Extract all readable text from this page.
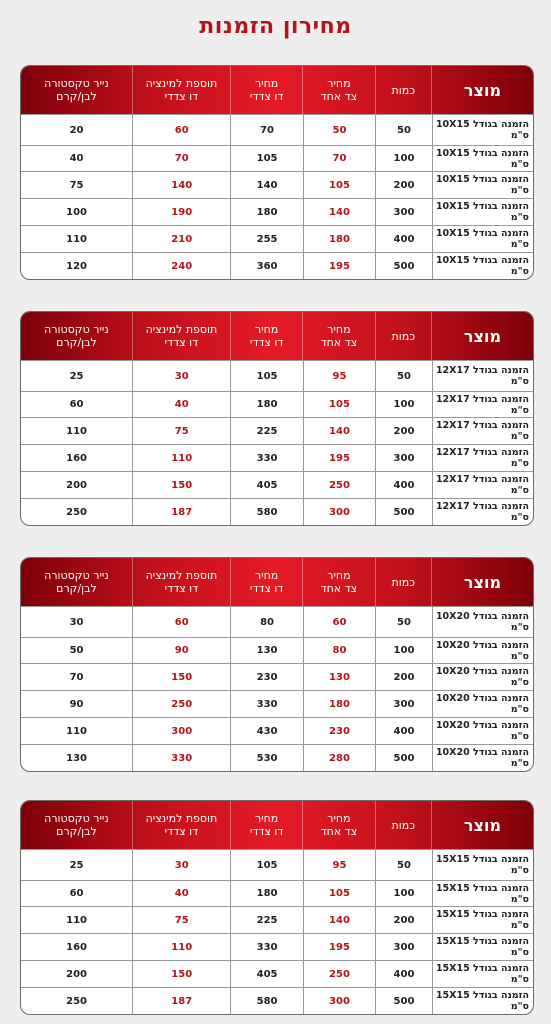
מחירון הזמנות
מוצר
כמות
מחיר
צד אחד
מחיר
דו צדדי
תוספת למינציה
דו צדדי
נייר טקסטורה
לבן/קרם
הזמנה בגודל 10X15 ס"מ
50
50
70
60
20
הזמנה בגודל 10X15 ס"מ
100
70
105
70
40
הזמנה בגודל 10X15 ס"מ
200
105
140
140
75
הזמנה בגודל 10X15 ס"מ
300
140
180
190
100
הזמנה בגודל 10X15 ס"מ
400
180
255
210
110
הזמנה בגודל 10X15 ס"מ
500
195
360
240
120
מוצר
כמות
מחיר
צד אחד
מחיר
דו צדדי
תוספת למינציה
דו צדדי
נייר טקסטורה
לבן/קרם
הזמנה בגודל 12X17 ס"מ
50
95
105
30
25
הזמנה בגודל 12X17 ס"מ
100
105
180
40
60
הזמנה בגודל 12X17 ס"מ
200
140
225
75
110
הזמנה בגודל 12X17 ס"מ
300
195
330
110
160
הזמנה בגודל 12X17 ס"מ
400
250
405
150
200
הזמנה בגודל 12X17 ס"מ
500
300
580
187
250
מוצר
כמות
מחיר
צד אחד
מחיר
דו צדדי
תוספת למינציה
דו צדדי
נייר טקסטורה
לבן/קרם
הזמנה בגודל 10X20 ס"מ
50
60
80
60
30
הזמנה בגודל 10X20 ס"מ
100
80
130
90
50
הזמנה בגודל 10X20 ס"מ
200
130
230
150
70
הזמנה בגודל 10X20 ס"מ
300
180
330
250
90
הזמנה בגודל 10X20 ס"מ
400
230
430
300
110
הזמנה בגודל 10X20 ס"מ
500
280
530
330
130
מוצר
כמות
מחיר
צד אחד
מחיר
דו צדדי
תוספת למינציה
דו צדדי
נייר טקסטורה
לבן/קרם
הזמנה בגודל 15X15 ס"מ
50
95
105
30
25
הזמנה בגודל 15X15 ס"מ
100
105
180
40
60
הזמנה בגודל 15X15 ס"מ
200
140
225
75
110
הזמנה בגודל 15X15 ס"מ
300
195
330
110
160
הזמנה בגודל 15X15 ס"מ
400
250
405
150
200
הזמנה בגודל 15X15 ס"מ
500
300
580
187
250
